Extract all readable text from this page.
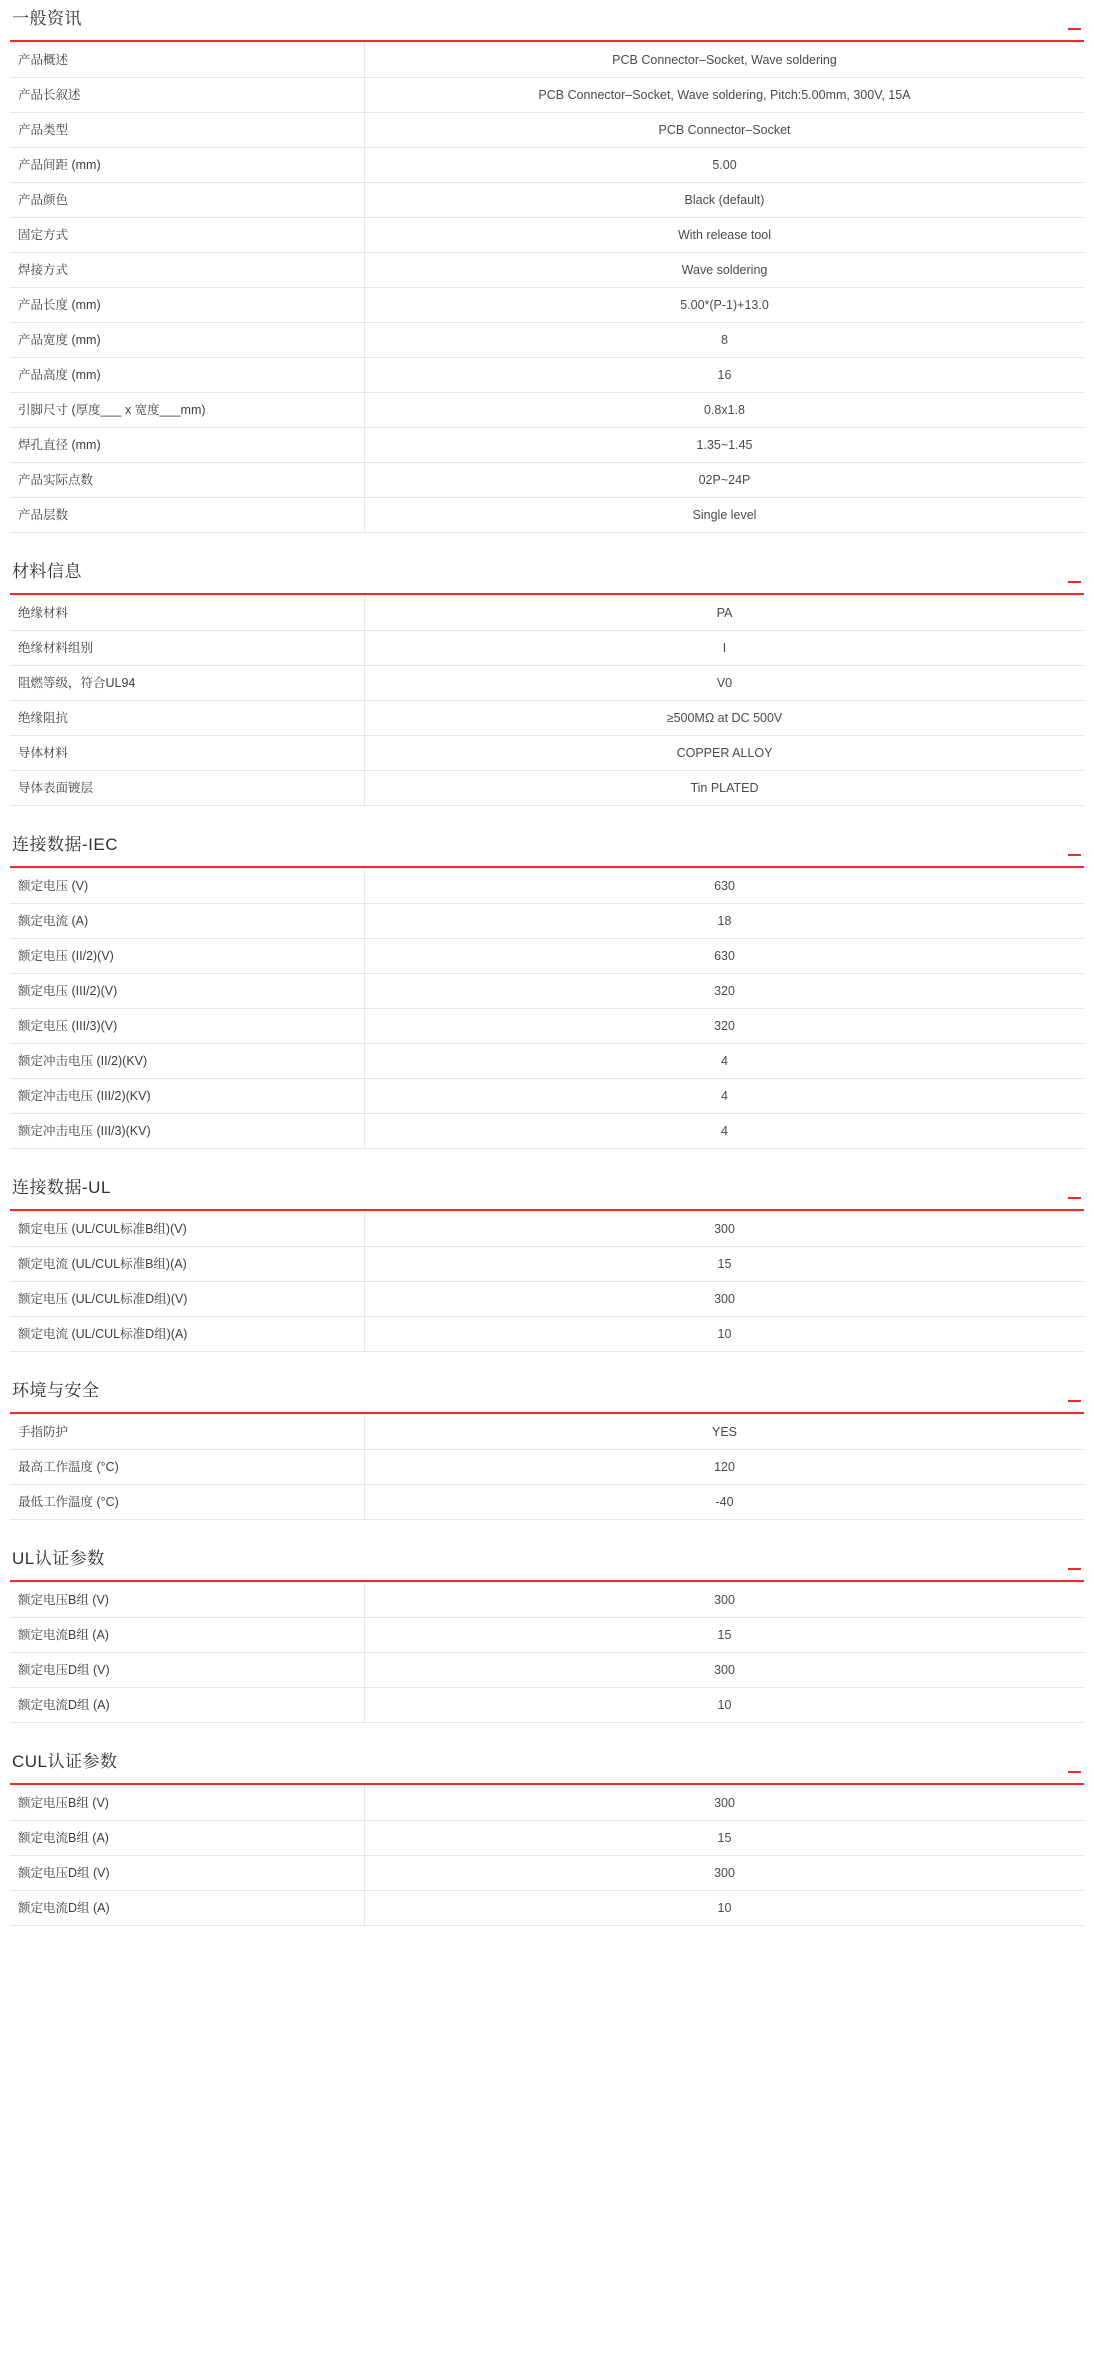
一般资讯
产品概述	PCB Connector–Socket, Wave soldering
产品长叙述	PCB Connector–Socket, Wave soldering, Pitch:5.00mm, 300V, 15A
产品类型	PCB Connector–Socket
产品间距 (mm)	5.00
产品颜色	Black (default)
固定方式	With release tool
焊接方式	Wave soldering
产品长度 (mm)	5.00*(P-1)+13.0
产品宽度 (mm)	8
产品高度 (mm)	16
引脚尺寸 (厚度___ x 宽度___mm)	0.8x1.8
焊孔直径 (mm)	1.35~1.45
产品实际点数	02P~24P
产品层数	Single level
材料信息
绝缘材料	PA
绝缘材料组别	I
阻燃等级，符合UL94	V0
绝缘阻抗	≥500MΩ at DC 500V
导体材料	COPPER ALLOY
导体表面镀层	Tin PLATED
连接数据-IEC
额定电压 (V)	630
额定电流 (A)	18
额定电压 (II/2)(V)	630
额定电压 (III/2)(V)	320
额定电压 (III/3)(V)	320
额定冲击电压 (II/2)(KV)	4
额定冲击电压 (III/2)(KV)	4
额定冲击电压 (III/3)(KV)	4
连接数据-UL
额定电压 (UL/CUL标准B组)(V)	300
额定电流 (UL/CUL标准B组)(A)	15
额定电压 (UL/CUL标准D组)(V)	300
额定电流 (UL/CUL标准D组)(A)	10
环境与安全
手指防护	YES
最高工作温度 (°C)	120
最低工作温度 (°C)	-40
UL认证参数
额定电压B组 (V)	300
额定电流B组 (A)	15
额定电压D组 (V)	300
额定电流D组 (A)	10
CUL认证参数
额定电压B组 (V)	300
额定电流B组 (A)	15
额定电压D组 (V)	300
额定电流D组 (A)	10
